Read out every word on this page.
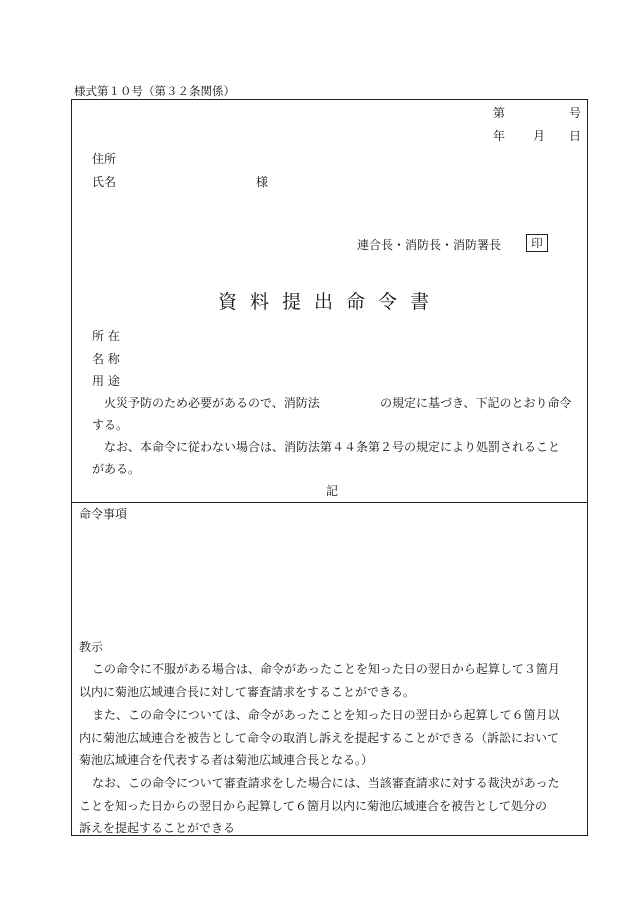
様式第１０号（第３２条関係）
第	号
年 月 日
住所
氏名	様
連合長・消防長・消防署長	印
資料提出命令書
所 在
名 称
用 途
火災予防のため必要があるので、消防法	の規定に基づき、下記のとおり命令
する。
なお、本命令に従わない場合は、消防法第４４条第２号の規定により処罰されること
がある。
記
命令事項
教示
この命令に不服がある場合は、命令があったことを知った日の翌日から起算して３箇月
以内に菊池広域連合長に対して審査請求をすることができる。
また、この命令については、命令があったことを知った日の翌日から起算して６箇月以
内に菊池広域連合を被告として命令の取消し訴えを提起することができる（訴訟において
菊池広域連合を代表する者は菊池広域連合長となる。）
なお、この命令について審査請求をした場合には、当該審査請求に対する裁決があった
ことを知った日からの翌日から起算して６箇月以内に菊池広域連合を被告として処分の
訴えを提起することができる
